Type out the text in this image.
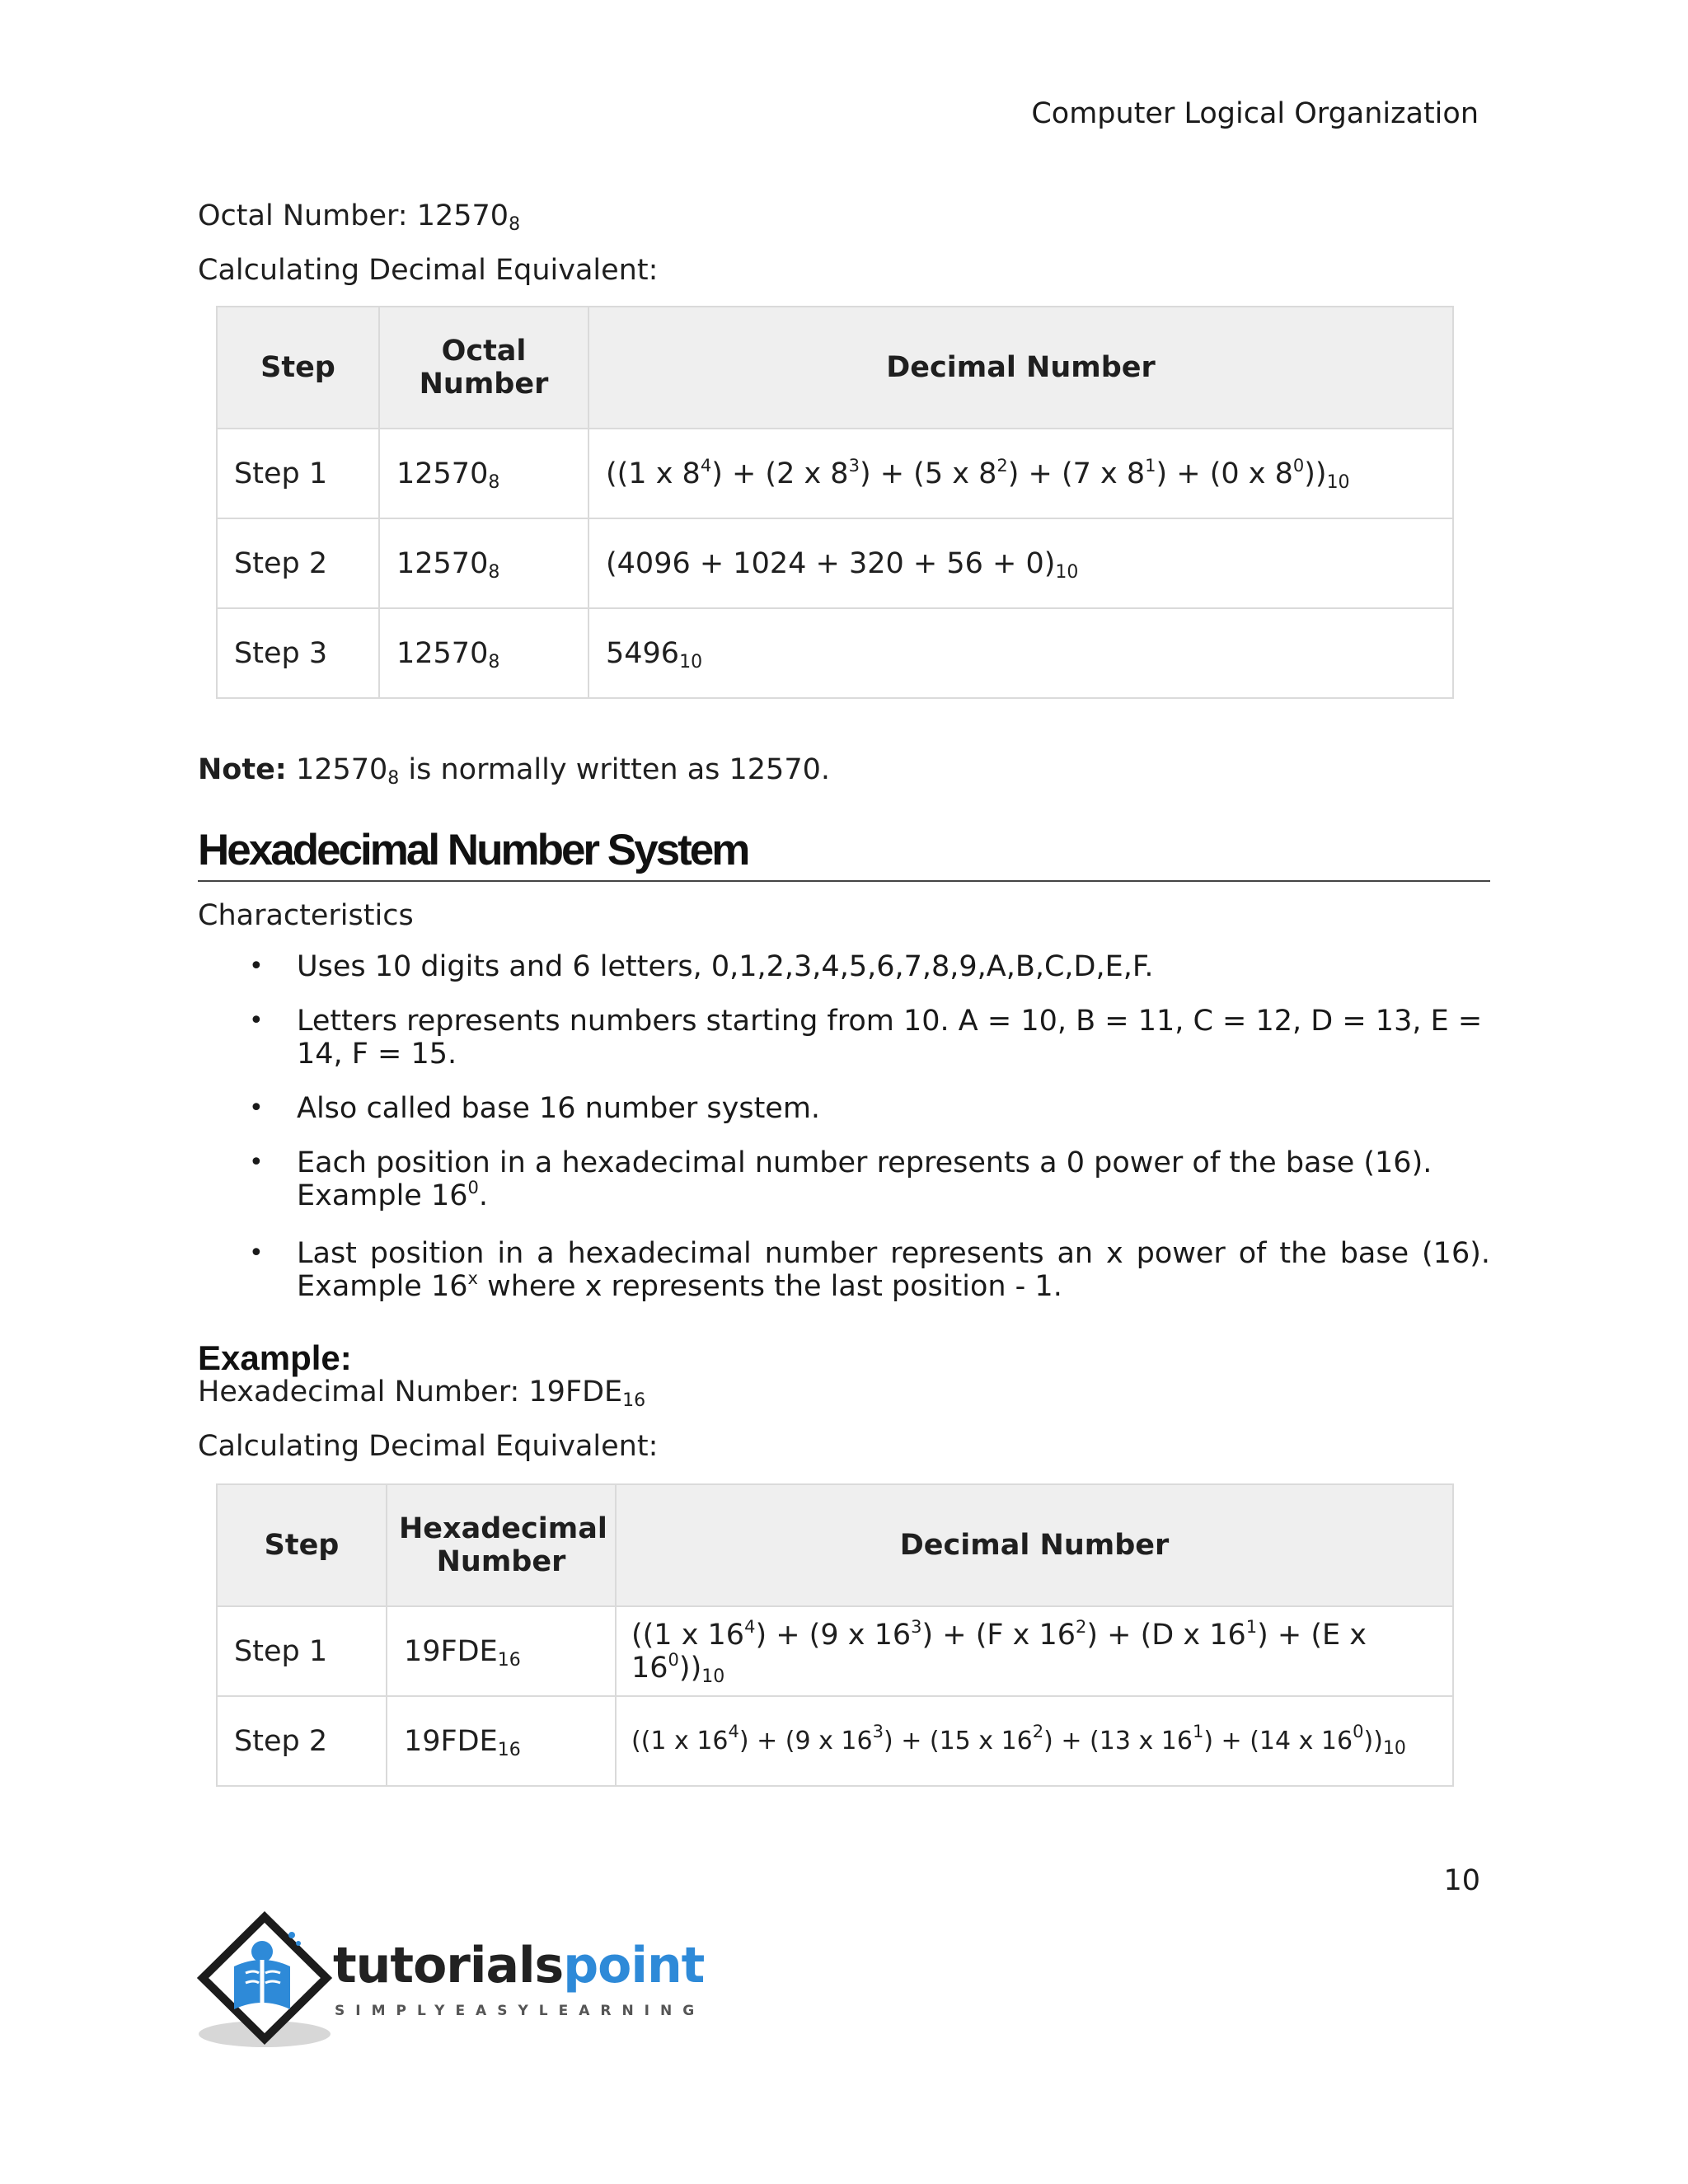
Computer Logical Organization
Octal Number: $12570_8$
Calculating Decimal Equivalent:
Step	Octal Number	Decimal Number
Step 1	$12570_8$	((1 x $8^4) + (2$ x $8^3) + (5$ x $8^2) + (7$ x $8^1) + (0$ x $8^0))_{10}$
Step 2	$12570_8$	$(4096 + 1024 + 320 + 56 + 0)_{10}$
Step 3	$12570_8$	$5496_{10}$
Note: $12570_8$ is normally written as 12570.
Hexadecimal Number System
Characteristics
• Uses 10 digits and 6 letters, 0,1,2,3,4,5,6,7,8,9,A,B,C,D,E,F.
• Letters represents numbers starting from 10. A = 10, B = 11, C = 12, D = 13, E = 14, F = 15.
• Also called base 16 number system.
• Each position in a hexadecimal number represents a 0 power of the base (16). Example $16^0$.
• Last position in a hexadecimal number represents an x power of the base (16). Example 16$^x$ where x represents the last position - 1.
Example:
Hexadecimal Number: $19FDE_{16}$
Calculating Decimal Equivalent:
Step	Hexadecimal Number	Decimal Number
Step 1	$19FDE_{16}$	((1 x $16^4) + (9$ x $16^3) + (F$ x $16^2) + (D$ x $16^1) + (E$ x $16^0))_{10}$
Step 2	$19FDE_{16}$	((1 x $16^4) + (9$ x $16^3) + (15$ x $16^2) + (13$ x $16^1) + (14$ x $16^0))_{10}$
10
tutorialspoint
SIMPLYEASYLEARNING
